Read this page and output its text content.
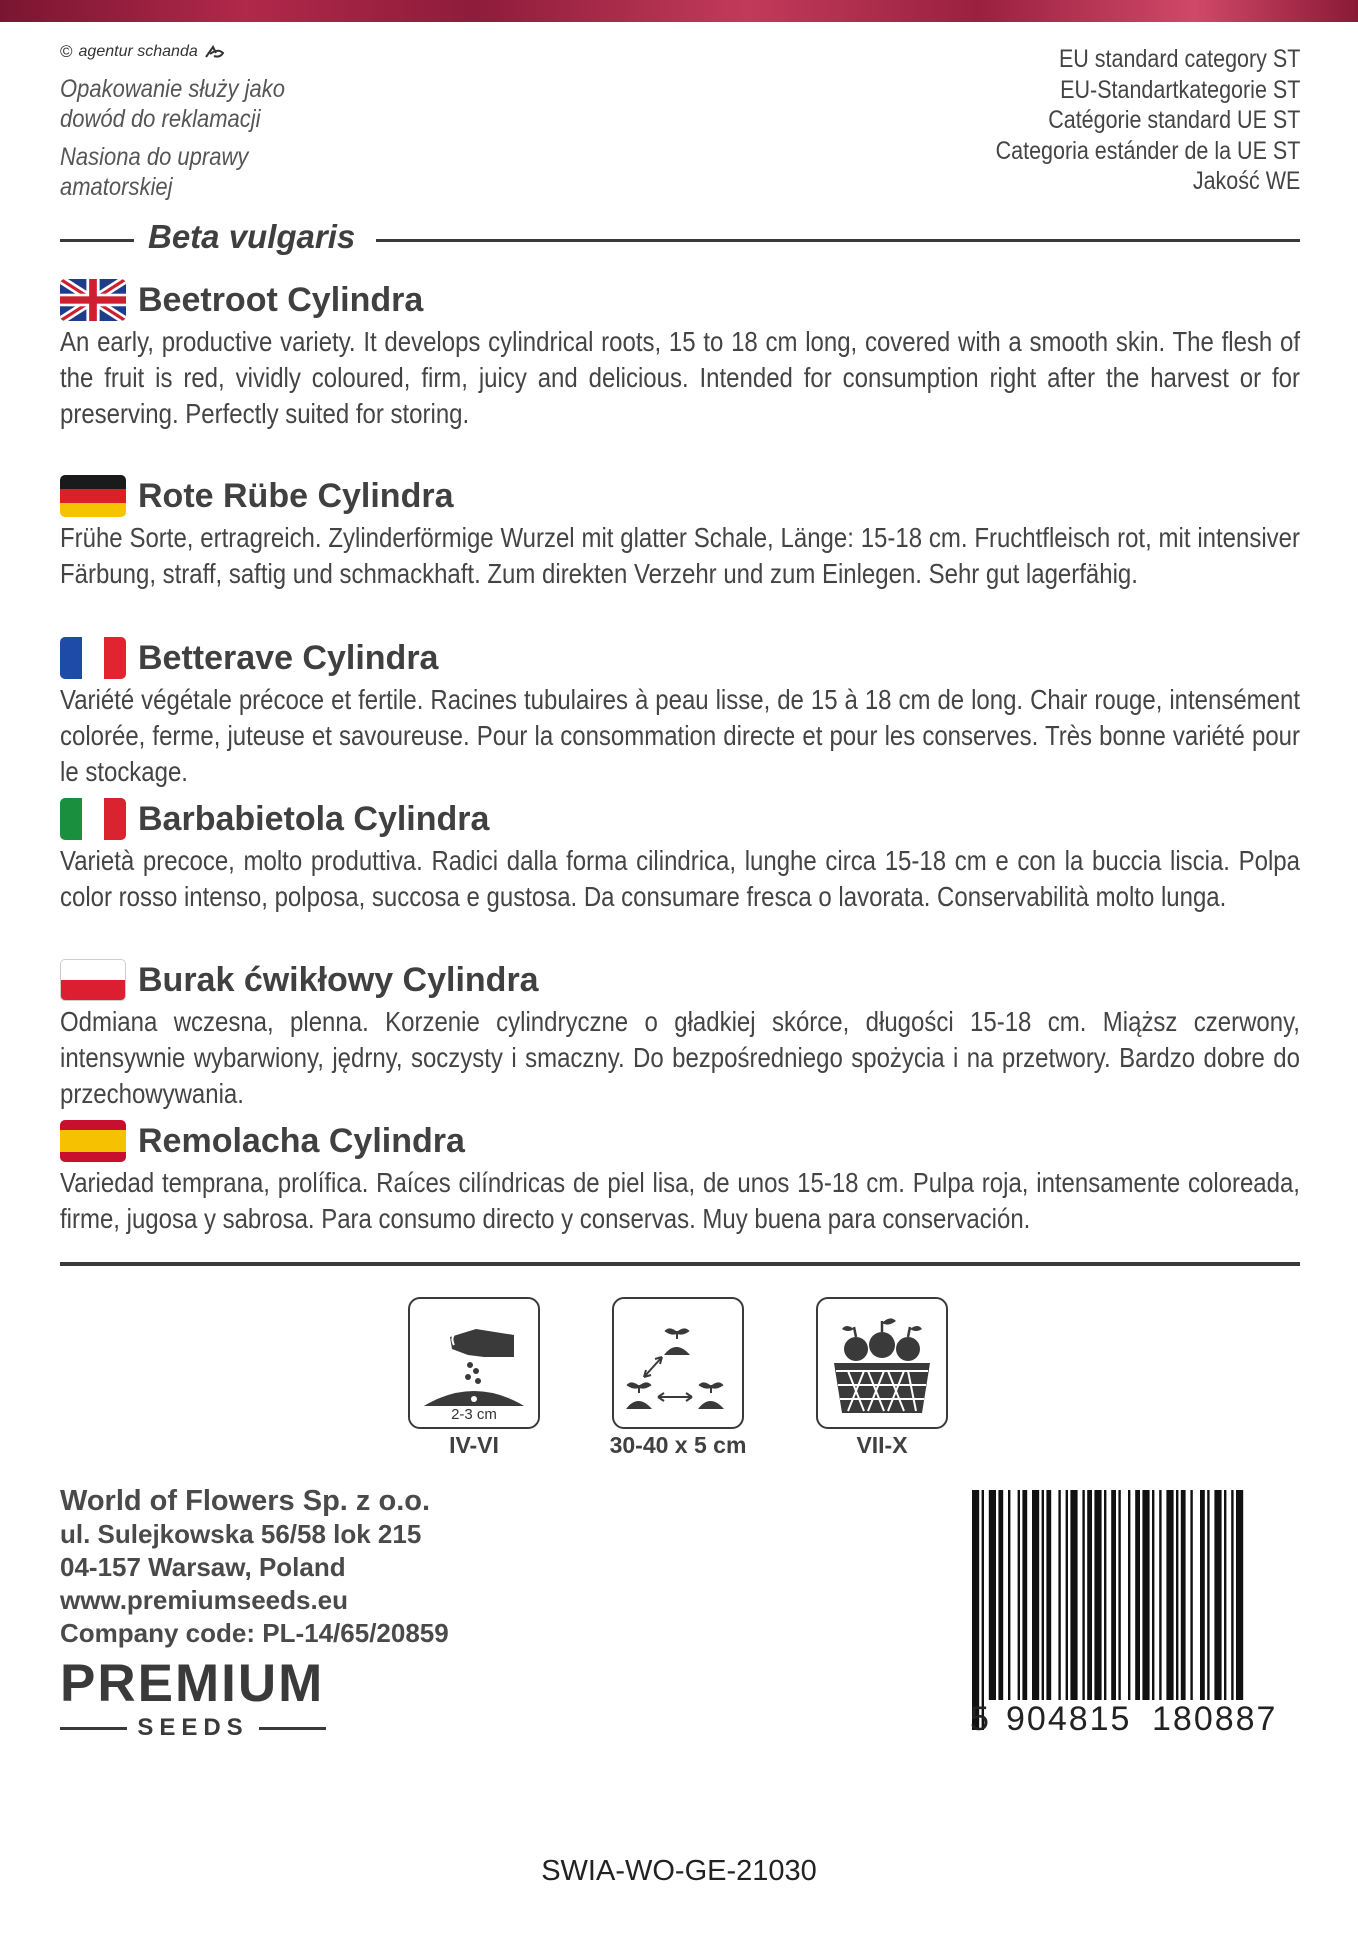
© agentur schanda
Opakowanie służy jako
dowód do reklamacji
Nasiona do uprawy
amatorskiej
EU standard category ST
EU-Standartkategorie ST
Catégorie standard UE ST
Categoria estánder de la UE ST
Jakość WE
Beta vulgaris
Beetroot Cylindra
An early, productive variety. It develops cylindrical roots, 15 to 18 cm long, covered with a smooth skin. The flesh of the fruit is red, vividly coloured, firm, juicy and delicious. Intended for consumption right after the harvest or for preserving. Perfectly suited for storing.
Rote Rübe Cylindra
Frühe Sorte, ertragreich. Zylinderförmige Wurzel mit glatter Schale, Länge: 15-18 cm. Fruchtfleisch rot, mit intensiver Färbung, straff, saftig und schmackhaft. Zum direkten Verzehr und zum Einlegen. Sehr gut lagerfähig.
Betterave Cylindra
Variété végétale précoce et fertile. Racines tubulaires à peau lisse, de 15 à 18 cm de long. Chair rouge, intensément colorée, ferme, juteuse et savoureuse. Pour la consommation directe et pour les conserves. Très bonne variété pour le stockage.
Barbabietola Cylindra
Varietà precoce, molto produttiva. Radici dalla forma cilindrica, lunghe circa 15-18 cm e con la buccia liscia. Polpa color rosso intenso, polposa, succosa e gustosa. Da consumare fresca o lavorata. Conservabilità molto lunga.
Burak ćwikłowy Cylindra
Odmiana wczesna, plenna. Korzenie cylindryczne o gładkiej skórce, długości 15-18 cm. Miąższ czerwony, intensywnie wybarwiony, jędrny, soczysty i smaczny. Do bezpośredniego spożycia i na przetwory. Bardzo dobre do przechowywania.
Remolacha Cylindra
Variedad temprana, prolífica. Raíces cilíndricas de piel lisa, de unos 15-18 cm. Pulpa roja, intensamente coloreada, firme, jugosa y sabrosa. Para consumo directo y conservas. Muy buena para conservación.
2-3 cm
IV-VI	30-40 x 5 cm	VII-X
World of Flowers Sp. z o.o.
ul. Sulejkowska 56/58 lok 215
04-157 Warsaw, Poland
www.premiumseeds.eu
Company code: PL-14/65/20859
PREMIUM
SEEDS	5 904815 180887
SWIA-WO-GE-21030
